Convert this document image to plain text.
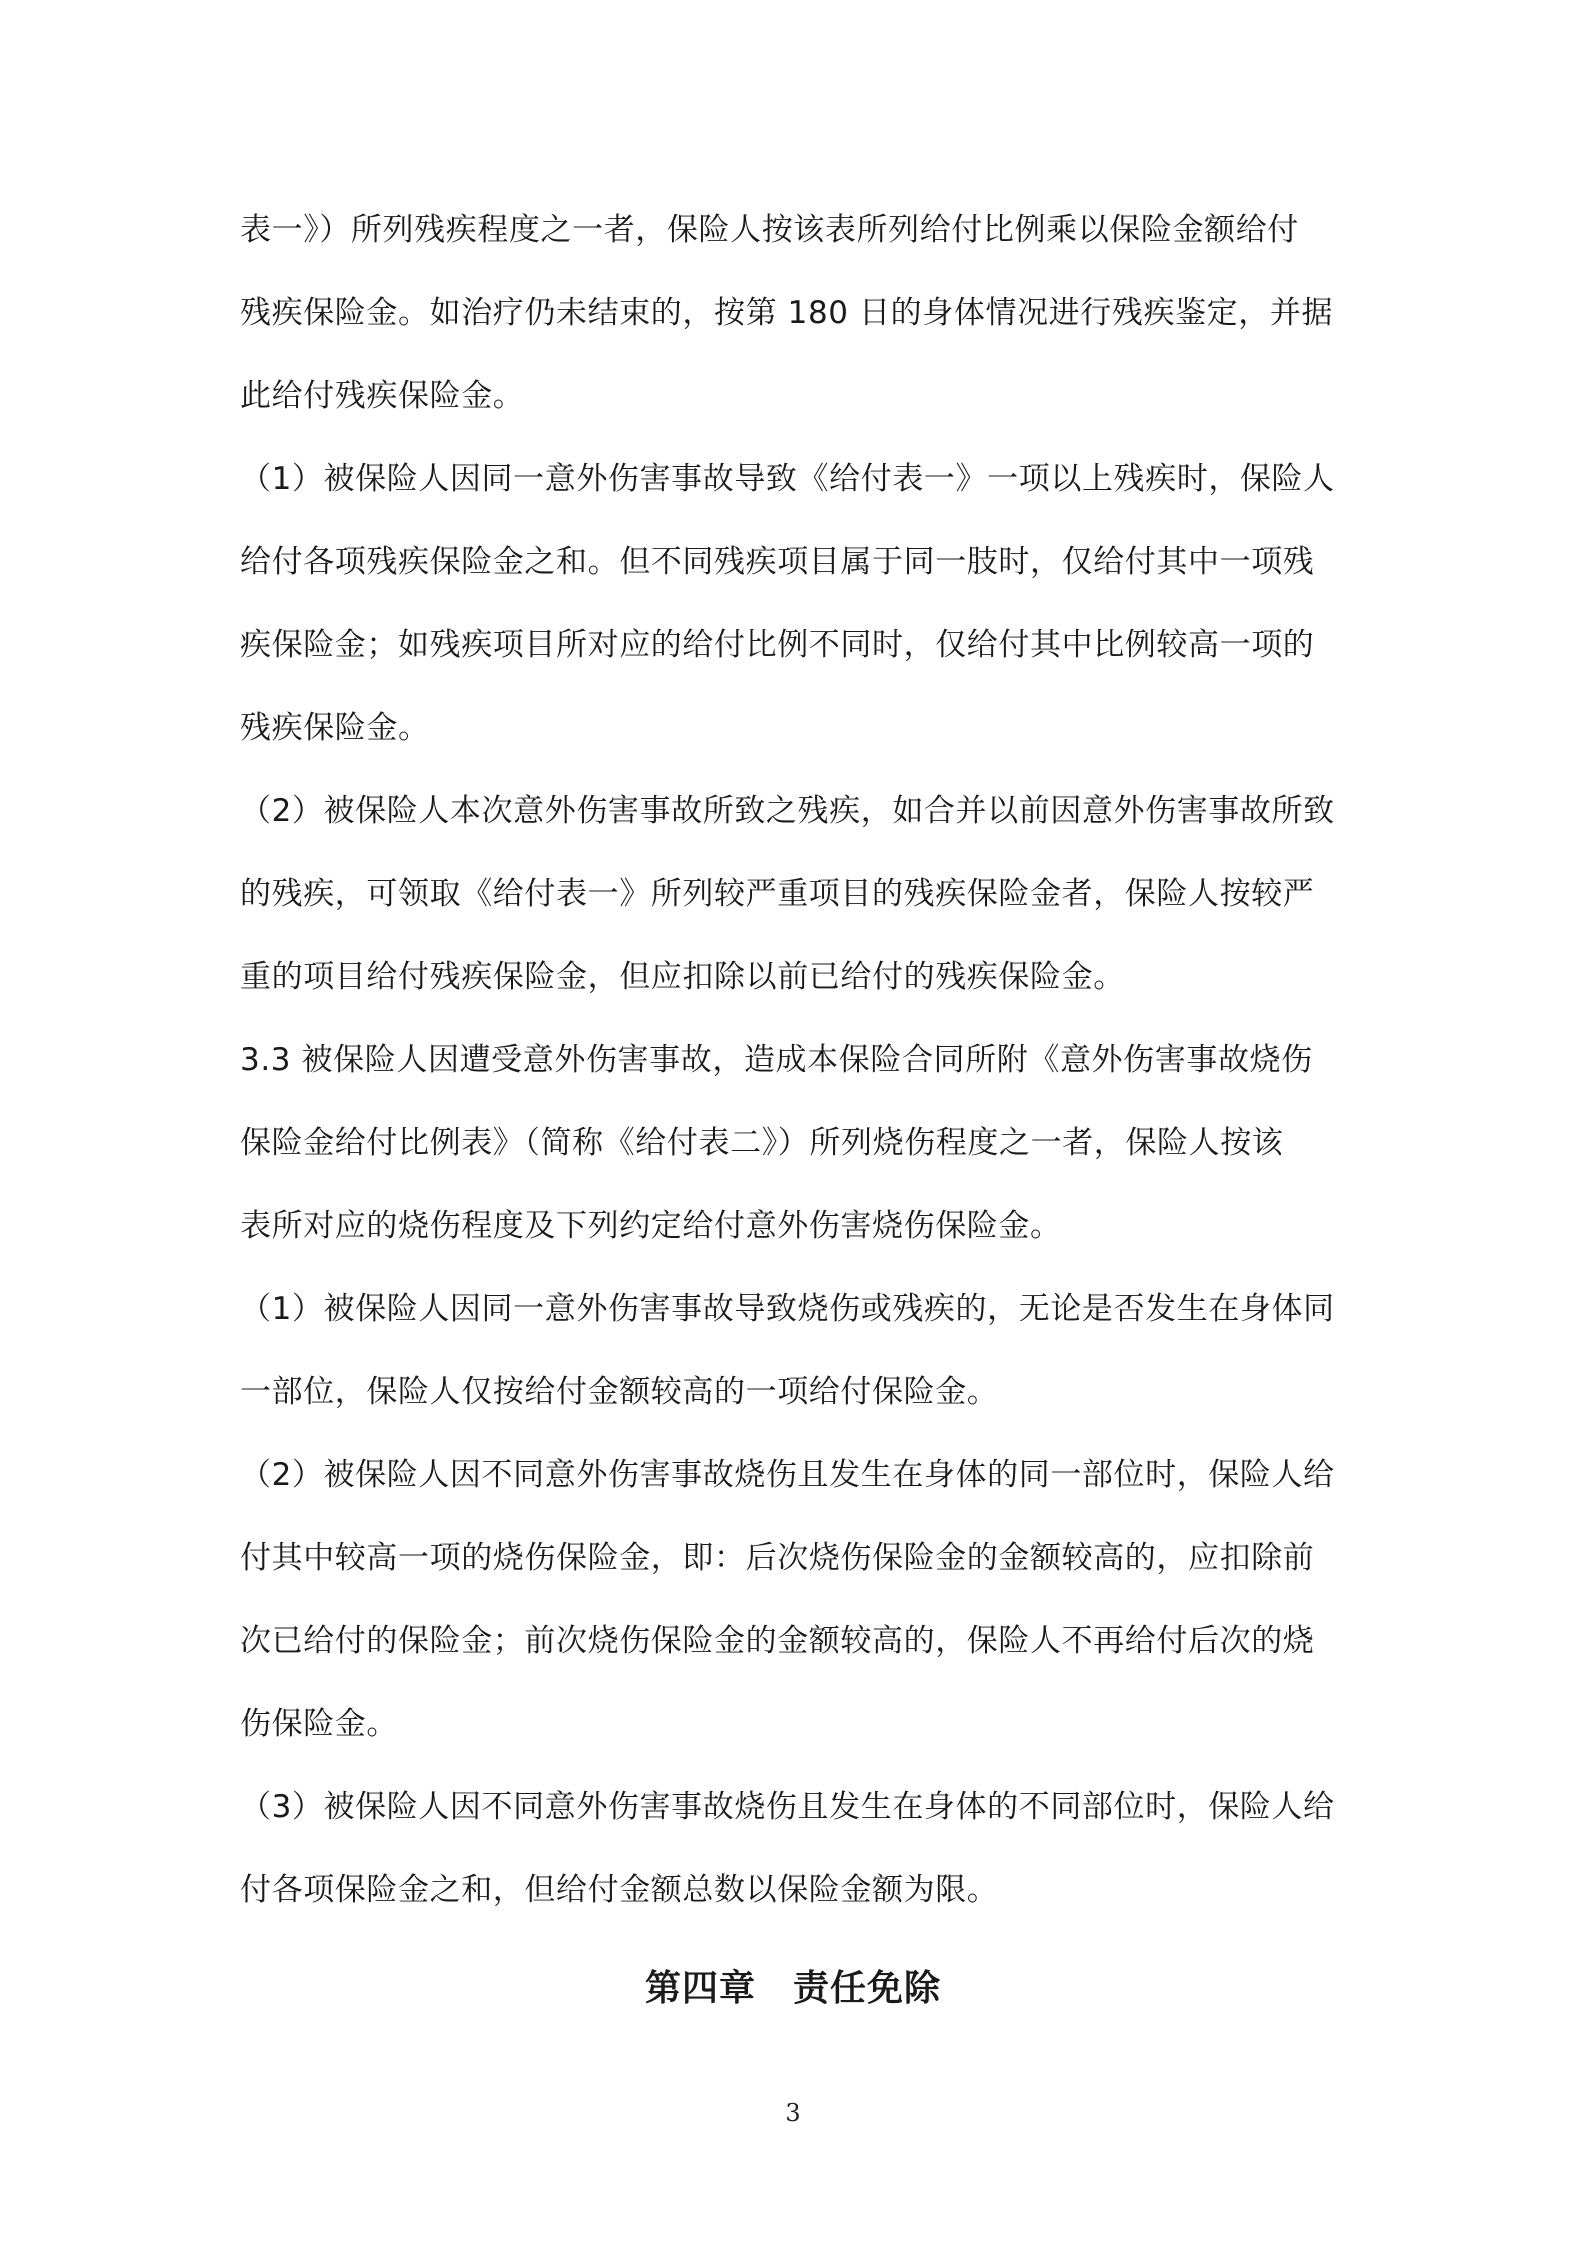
表一》）所列残疾程度之一者，保险人按该表所列给付比例乘以保险金额给付
残疾保险金。如治疗仍未结束的，按第 180 日的身体情况进行残疾鉴定，并据
此给付残疾保险金。
（1）被保险人因同一意外伤害事故导致《给付表一》一项以上残疾时，保险人
给付各项残疾保险金之和。但不同残疾项目属于同一肢时，仅给付其中一项残
疾保险金；如残疾项目所对应的给付比例不同时，仅给付其中比例较高一项的
残疾保险金。
（2）被保险人本次意外伤害事故所致之残疾，如合并以前因意外伤害事故所致
的残疾，可领取《给付表一》所列较严重项目的残疾保险金者，保险人按较严
重的项目给付残疾保险金，但应扣除以前已给付的残疾保险金。
3.3 被保险人因遭受意外伤害事故，造成本保险合同所附《意外伤害事故烧伤
保险金给付比例表》（简称《给付表二》）所列烧伤程度之一者，保险人按该
表所对应的烧伤程度及下列约定给付意外伤害烧伤保险金。
（1）被保险人因同一意外伤害事故导致烧伤或残疾的，无论是否发生在身体同
一部位，保险人仅按给付金额较高的一项给付保险金。
（2）被保险人因不同意外伤害事故烧伤且发生在身体的同一部位时，保险人给
付其中较高一项的烧伤保险金，即：后次烧伤保险金的金额较高的，应扣除前
次已给付的保险金；前次烧伤保险金的金额较高的，保险人不再给付后次的烧
伤保险金。
（3）被保险人因不同意外伤害事故烧伤且发生在身体的不同部位时，保险人给
付各项保险金之和，但给付金额总数以保险金额为限。
第四章　责任免除
3
